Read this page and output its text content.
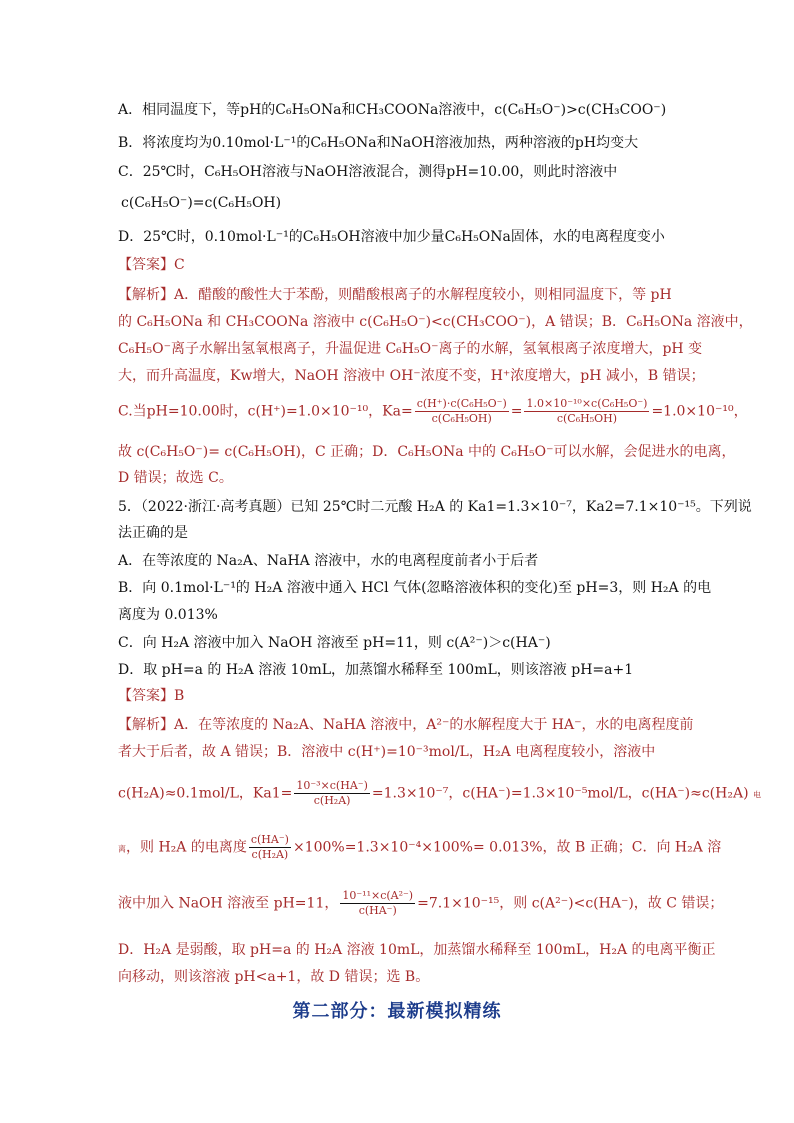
A．相同温度下，等pH的C₆H₅ONa和CH₃COONa溶液中，c(C₆H₅O⁻)>c(CH₃COO⁻)
B．将浓度均为0.10mol·L⁻¹的C₆H₅ONa和NaOH溶液加热，两种溶液的pH均变大
C．25℃时，C₆H₅OH溶液与NaOH溶液混合，测得pH=10.00，则此时溶液中
c(C₆H₅O⁻)=c(C₆H₅OH)
D．25℃时，0.10mol·L⁻¹的C₆H₅OH溶液中加少量C₆H₅ONa固体，水的电离程度变小
【答案】C
【解析】A．醋酸的酸性大于苯酚，则醋酸根离子的水解程度较小，则相同温度下，等 pH
的 C₆H₅ONa 和 CH₃COONa 溶液中 c(C₆H₅O⁻)<c(CH₃COO⁻)，A 错误；B．C₆H₅ONa 溶液中，
C₆H₅O⁻离子水解出氢氧根离子，升温促进 C₆H₅O⁻离子的水解，氢氧根离子浓度增大，pH 变
大，而升高温度，Kw增大，NaOH 溶液中 OH⁻浓度不变，H⁺浓度增大，pH 减小，B 错误；
C.当pH=10.00时，c(H⁺)=1.0×10⁻¹⁰，$Ka= \frac{\text{c(H⁺)·c(C₆H₅O⁻)}}{\text{c(C₆H₅OH)}} = \frac{\text{1.0×10⁻¹⁰×c(C₆H₅O⁻)}}{\text{c(C₆H₅OH)}} =1.0\times 10^{-10}$，
故 c(C₆H₅O⁻)= c(C₆H₅OH)，C 正确；D．C₆H₅ONa 中的 C₆H₅O⁻可以水解，会促进水的电离，
D 错误；故选 C。
5．（2022·浙江·高考真题）已知 25℃时二元酸 H₂A 的 Ka1=1.3×10⁻⁷，Ka2=7.1×10⁻¹⁵。下列说
法正确的是
A．在等浓度的 Na₂A、NaHA 溶液中，水的电离程度前者小于后者
B．向 0.1mol·L⁻¹的 H₂A 溶液中通入 HCl 气体(忽略溶液体积的变化)至 pH=3，则 H₂A 的电
离度为 0.013%
C．向 H₂A 溶液中加入 NaOH 溶液至 pH=11，则 c(A²⁻)＞c(HA⁻)
D．取 pH=a 的 H₂A 溶液 10mL，加蒸馏水稀释至 100mL，则该溶液 pH=a+1
【答案】B
【解析】A．在等浓度的 Na₂A、NaHA 溶液中，A²⁻的水解程度大于 HA⁻，水的电离程度前
者大于后者，故 A 错误；B．溶液中 c(H⁺)=10⁻³mol/L，H₂A 电离程度较小，溶液中
c(H₂A)≈0.1mol/L，$Ka1= \frac{\text{10⁻³×c(HA⁻)}}{\text{c(H₂A)}} =1.3\times 10^{-7}$，c(HA⁻)=1.3×10⁻⁵mol/L，c(HA⁻)≈c(H₂A) 电
离，则 H₂A 的电离度 $\frac{c(HA^-)}{\text{c(H₂A)}} \times 100\%=1.3\times 10^{-4}\times 100\%= 0.013\%$，故 B 正确；C．向 H₂A 溶
液中加入 NaOH 溶液至 pH=11， $\frac{\text{10⁻¹¹×c(A²⁻)}}{c(HA^-)} =7.1\times 10^{-15}$，则 c(A²⁻)<c(HA⁻)，故 C 错误；
D．H₂A 是弱酸，取 pH=a 的 H₂A 溶液 10mL，加蒸馏水稀释至 100mL，H₂A 的电离平衡正
向移动，则该溶液 pH<a+1，故 D 错误；选 B。
第二部分：最新模拟精练
